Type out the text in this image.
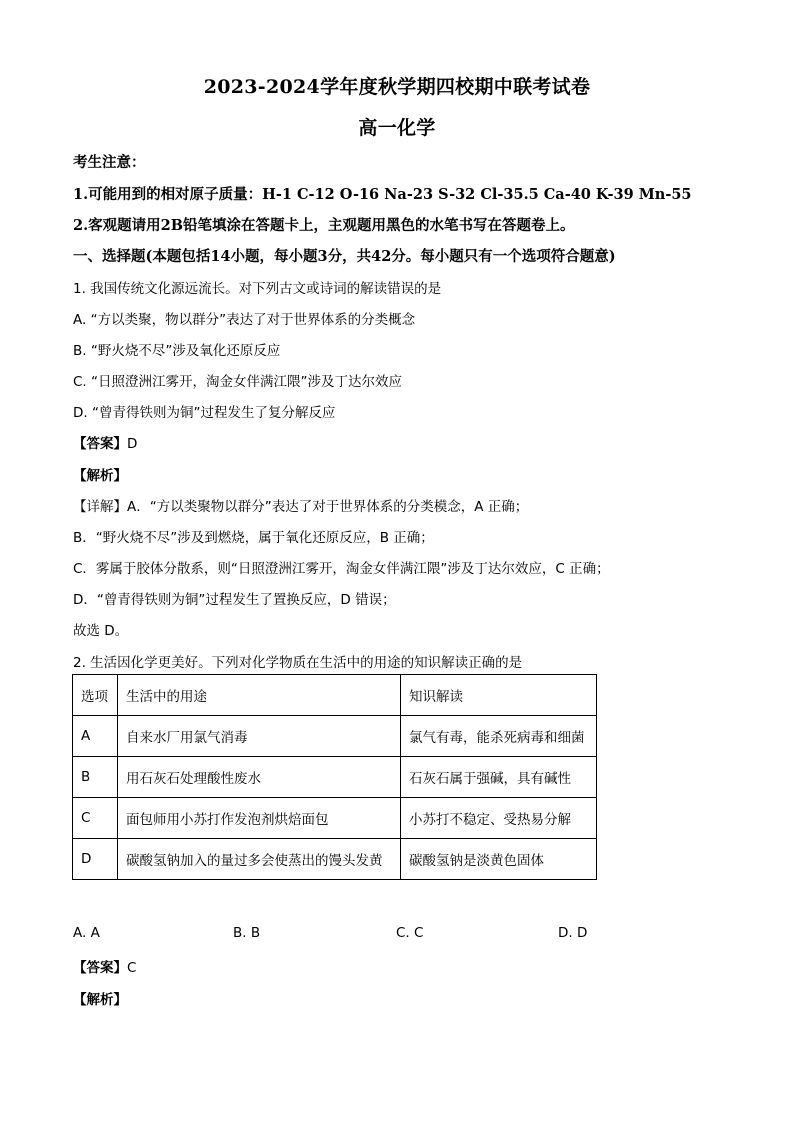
2023-2024学年度秋学期四校期中联考试卷
高一化学
考生注意：
1.可能用到的相对原子质量：H-1 C-12 O-16 Na-23 S-32 Cl-35.5 Ca-40 K-39 Mn-55
2.客观题请用2B铅笔填涂在答题卡上，主观题用黑色的水笔书写在答题卷上。
一、选择题(本题包括14小题，每小题3分，共42分。每小题只有一个选项符合题意)
1. 我国传统文化源远流长。对下列古文或诗词的解读错误的是
A. “方以类聚，物以群分”表达了对于世界体系的分类概念
B. “野火烧不尽”涉及氧化还原反应
C. “日照澄洲江雾开，淘金女伴满江隈”涉及丁达尔效应
D. “曾青得铁则为铜”过程发生了复分解反应
【答案】D
【解析】
【详解】A．“方以类聚物以群分”表达了对于世界体系的分类模念，A 正确；
B．“野火烧不尽”涉及到燃烧，属于氧化还原反应，B 正确；
C．雾属于胶体分散系，则“日照澄洲江雾开，淘金女伴满江隈”涉及丁达尔效应，C 正确；
D．“曾青得铁则为铜”过程发生了置换反应，D 错误；
故选 D。
2. 生活因化学更美好。下列对化学物质在生活中的用途的知识解读正确的是
选项	生活中的用途	知识解读
A	自来水厂用氯气消毒	氯气有毒，能杀死病毒和细菌
B	用石灰石处理酸性废水	石灰石属于强碱，具有碱性
C	面包师用小苏打作发泡剂烘焙面包	小苏打不稳定、受热易分解
D	碳酸氢钠加入的量过多会使蒸出的馒头发黄	碳酸氢钠是淡黄色固体
A. A	B. B	C. C	D. D
【答案】C
【解析】
